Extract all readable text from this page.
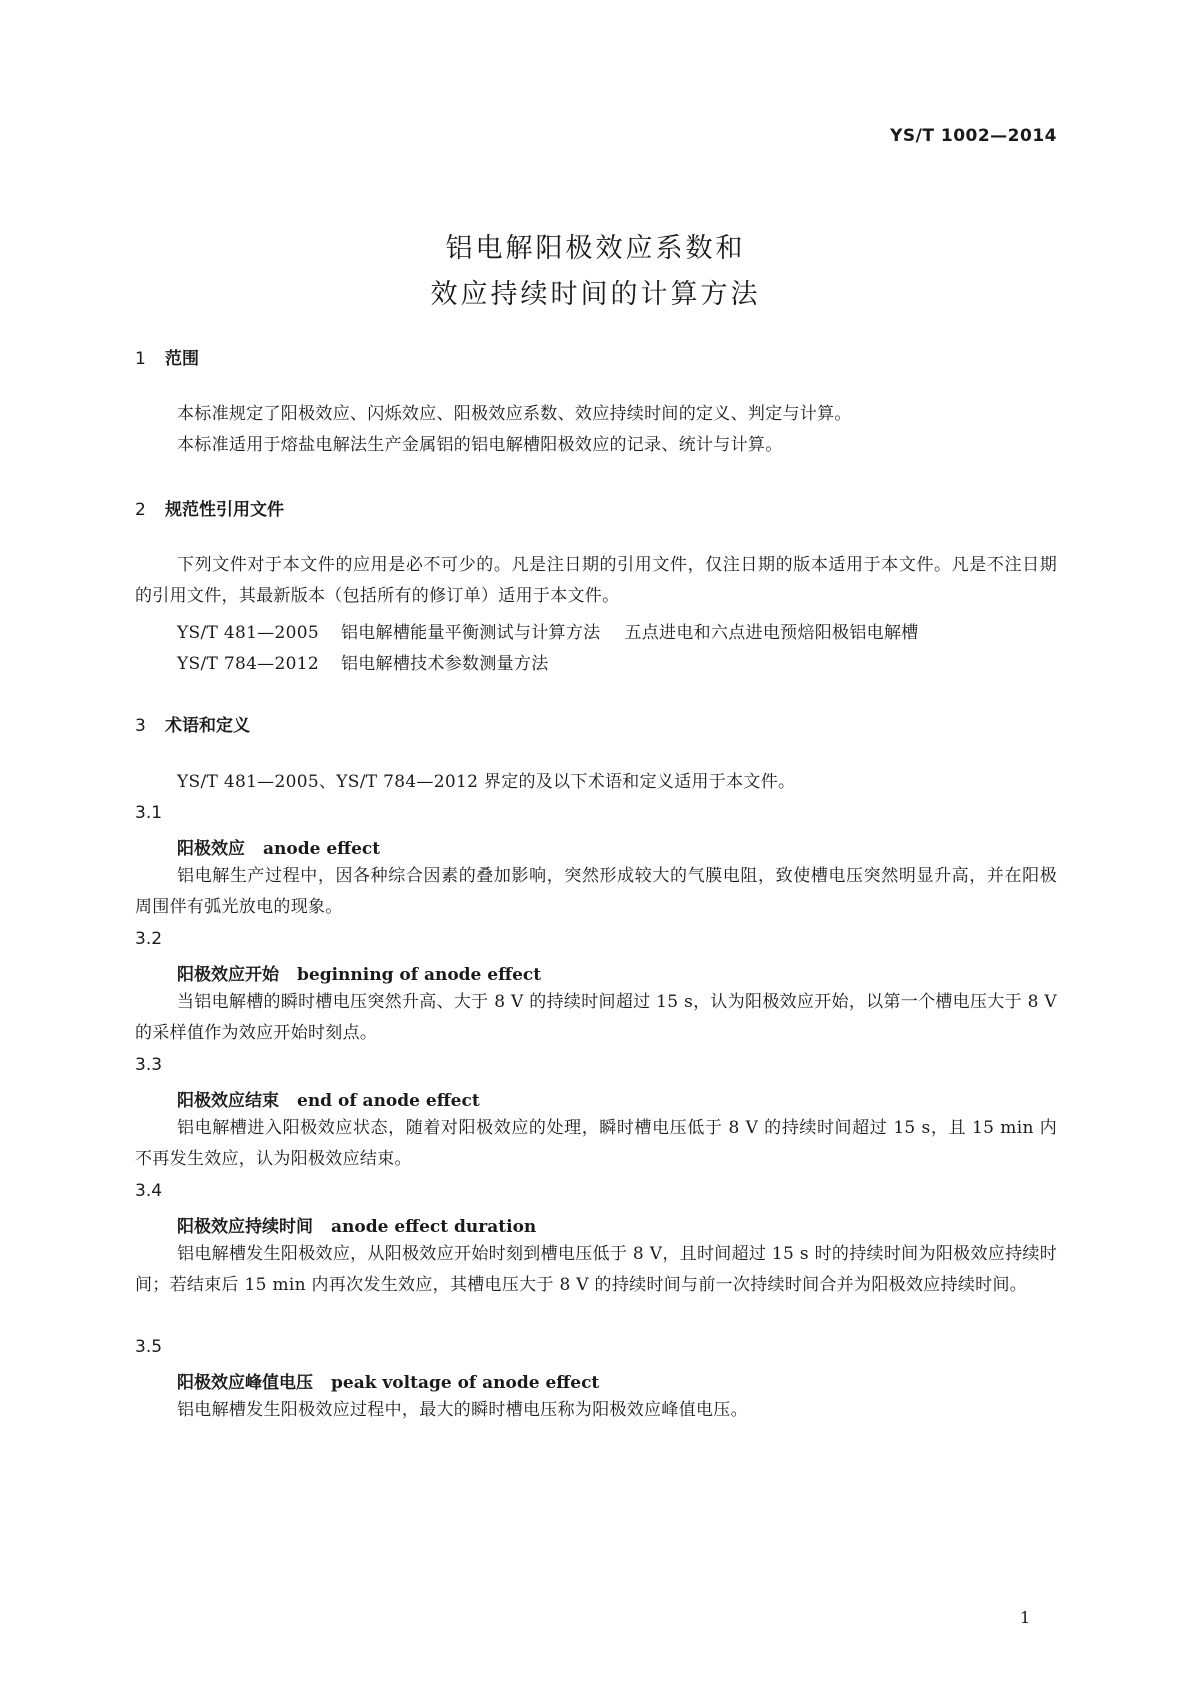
YS/T 1002—2014
铝电解阳极效应系数和
效应持续时间的计算方法
1 范围
本标准规定了阳极效应、闪烁效应、阳极效应系数、效应持续时间的定义、判定与计算。
本标准适用于熔盐电解法生产金属铝的铝电解槽阳极效应的记录、统计与计算。
2 规范性引用文件
下列文件对于本文件的应用是必不可少的。凡是注日期的引用文件，仅注日期的版本适用于本文件。凡是不注日期的引用文件，其最新版本（包括所有的修订单）适用于本文件。
YS/T 481—2005 铝电解槽能量平衡测试与计算方法 五点进电和六点进电预焙阳极铝电解槽
YS/T 784—2012 铝电解槽技术参数测量方法
3 术语和定义
YS/T 481—2005、YS/T 784—2012 界定的及以下术语和定义适用于本文件。
3.1
阳极效应 anode effect
铝电解生产过程中，因各种综合因素的叠加影响，突然形成较大的气膜电阻，致使槽电压突然明显升高，并在阳极周围伴有弧光放电的现象。
3.2
阳极效应开始 beginning of anode effect
当铝电解槽的瞬时槽电压突然升高、大于 8 V 的持续时间超过 15 s，认为阳极效应开始，以第一个槽电压大于 8 V 的采样值作为效应开始时刻点。
3.3
阳极效应结束 end of anode effect
铝电解槽进入阳极效应状态，随着对阳极效应的处理，瞬时槽电压低于 8 V 的持续时间超过 15 s，且 15 min 内不再发生效应，认为阳极效应结束。
3.4
阳极效应持续时间 anode effect duration
铝电解槽发生阳极效应，从阳极效应开始时刻到槽电压低于 8 V，且时间超过 15 s 时的持续时间为阳极效应持续时间；若结束后 15 min 内再次发生效应，其槽电压大于 8 V 的持续时间与前一次持续时间合并为阳极效应持续时间。
3.5
阳极效应峰值电压 peak voltage of anode effect
铝电解槽发生阳极效应过程中，最大的瞬时槽电压称为阳极效应峰值电压。
1
